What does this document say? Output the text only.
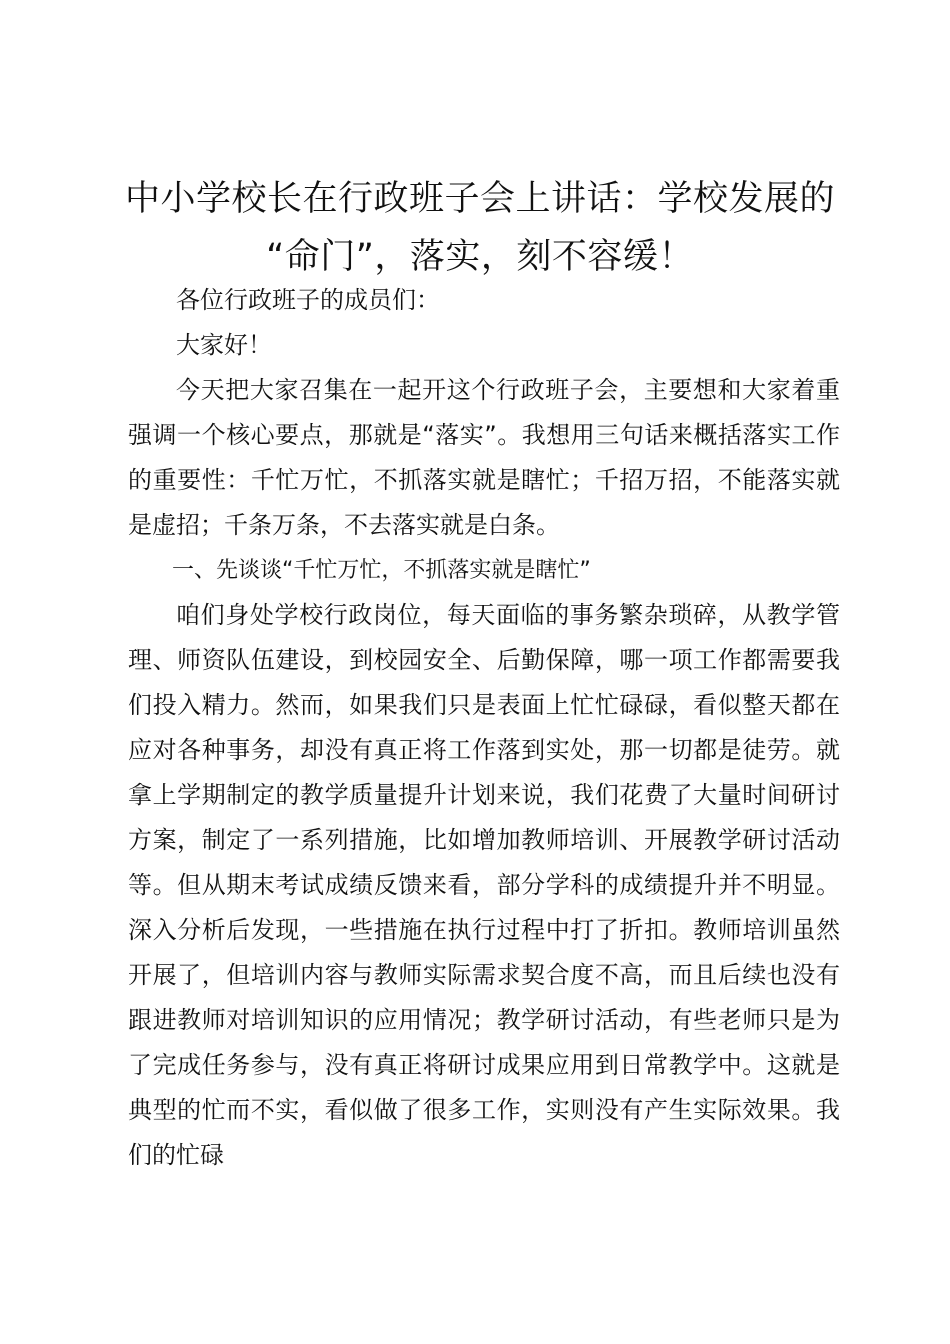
中小学校长在行政班子会上讲话：学校发展的
“命门”，落实，刻不容缓！

各位行政班子的成员们：

大家好！

今天把大家召集在一起开这个行政班子会，主要想和大家着重强调一个核心要点，那就是“落实”。我想用三句话来概括落实工作的重要性：千忙万忙，不抓落实就是瞎忙；千招万招，不能落实就是虚招；千条万条，不去落实就是白条。

一、先谈谈“千忙万忙，不抓落实就是瞎忙”

咱们身处学校行政岗位，每天面临的事务繁杂琐碎，从教学管理、师资队伍建设，到校园安全、后勤保障，哪一项工作都需要我们投入精力。然而，如果我们只是表面上忙忙碌碌，看似整天都在应对各种事务，却没有真正将工作落到实处，那一切都是徒劳。就拿上学期制定的教学质量提升计划来说，我们花费了大量时间研讨方案，制定了一系列措施，比如增加教师培训、开展教学研讨活动等。但从期末考试成绩反馈来看，部分学科的成绩提升并不明显。深入分析后发现，一些措施在执行过程中打了折扣。教师培训虽然开展了，但培训内容与教师实际需求契合度不高，而且后续也没有跟进教师对培训知识的应用情况；教学研讨活动，有些老师只是为了完成任务参与，没有真正将研讨成果应用到日常教学中。这就是典型的忙而不实，看似做了很多工作，实则没有产生实际效果。我们的忙碌
